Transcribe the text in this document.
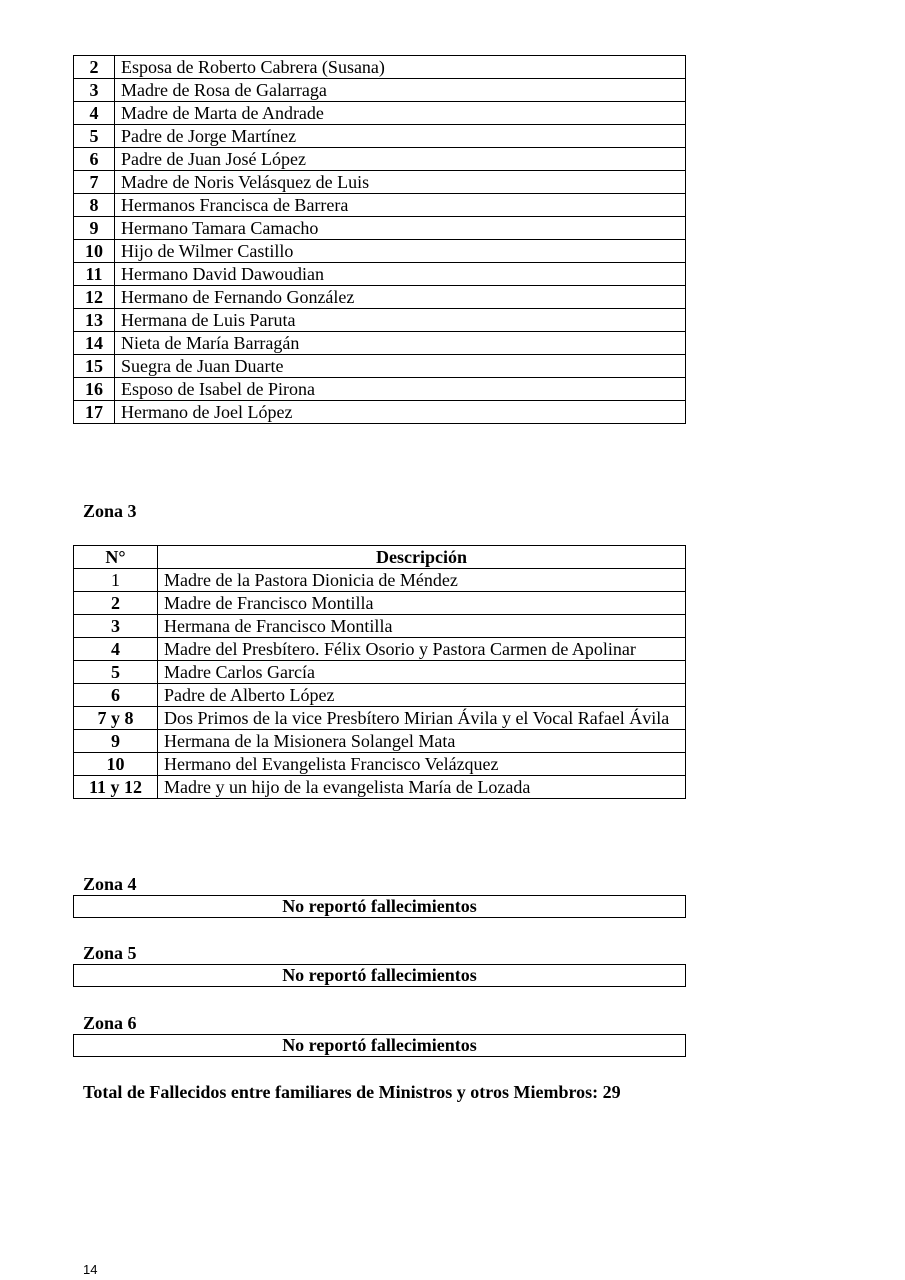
2	Esposa de Roberto Cabrera (Susana)
3	Madre de Rosa de Galarraga
4	Madre de Marta de Andrade
5	Padre de Jorge Martínez
6	Padre de Juan José López
7	Madre de Noris Velásquez de Luis
8	Hermanos Francisca de Barrera
9	Hermano Tamara Camacho
10	Hijo de Wilmer Castillo
11	Hermano David Dawoudian
12	Hermano de Fernando González
13	Hermana de Luis Paruta
14	Nieta de María Barragán
15	Suegra de Juan Duarte
16	Esposo de Isabel de Pirona
17	Hermano de Joel López

Zona 3

N°	Descripción
1	Madre de la Pastora Dionicia de Méndez
2	Madre de Francisco Montilla
3	Hermana de Francisco Montilla
4	Madre del Presbítero. Félix Osorio y Pastora Carmen de Apolinar
5	Madre Carlos García
6	Padre de Alberto López
7 y 8	Dos Primos de la vice Presbítero Mirian Ávila y el Vocal Rafael Ávila
9	Hermana de la Misionera Solangel Mata
10	Hermano del Evangelista Francisco Velázquez
11 y 12	Madre y un hijo de la evangelista María de Lozada

Zona 4

No reportó fallecimientos

Zona 5

No reportó fallecimientos

Zona 6

No reportó fallecimientos

Total de Fallecidos entre familiares de Ministros y otros Miembros: 29

14
